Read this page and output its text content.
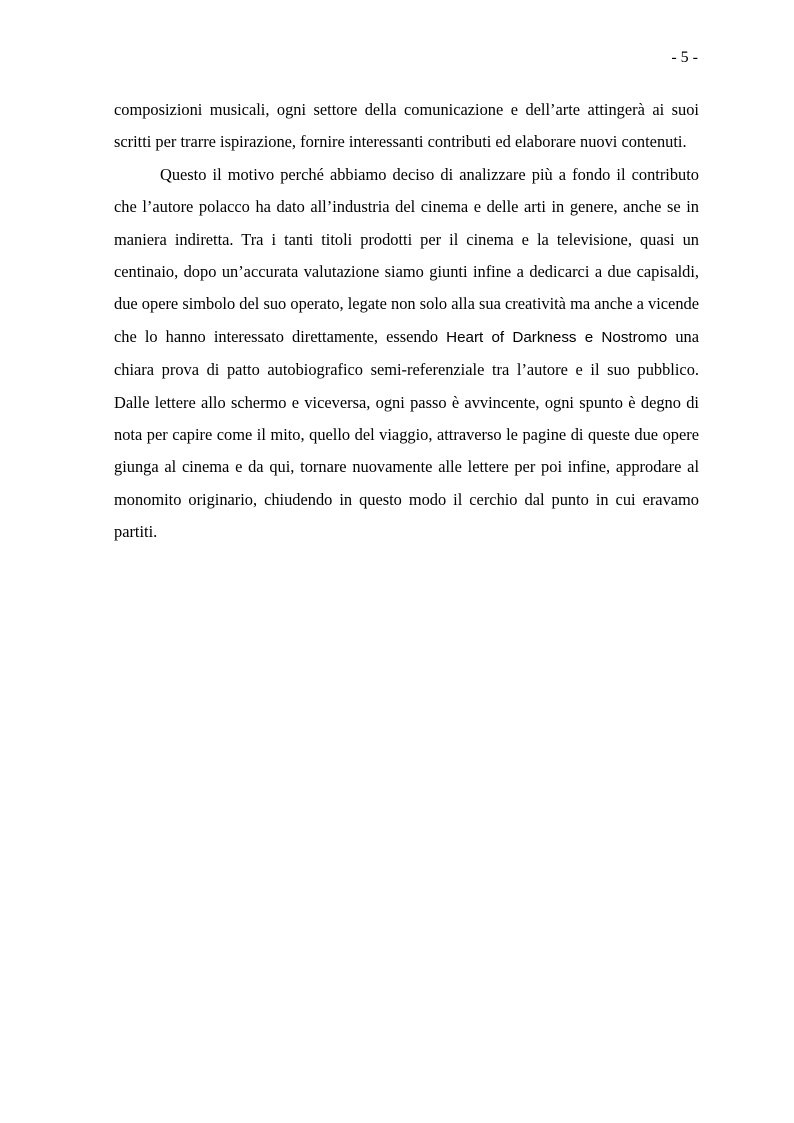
- 5 -

composizioni musicali, ogni settore della comunicazione e dell’arte attingerà ai suoi scritti per trarre ispirazione, fornire interessanti contributi ed elaborare nuovi contenuti.

Questo il motivo perché abbiamo deciso di analizzare più a fondo il contributo che l’autore polacco ha dato all’industria del cinema e delle arti in genere, anche se in maniera indiretta. Tra i tanti titoli prodotti per il cinema e la televisione, quasi un centinaio, dopo un’accurata valutazione siamo giunti infine a dedicarci a due capisaldi, due opere simbolo del suo operato, legate non solo alla sua creatività ma anche a vicende che lo hanno interessato direttamente, essendo Heart of Darkness e Nostromo una chiara prova di patto autobiografico semi-referenziale tra l’autore e il suo pubblico. Dalle lettere allo schermo e viceversa, ogni passo è avvincente, ogni spunto è degno di nota per capire come il mito, quello del viaggio, attraverso le pagine di queste due opere giunga al cinema e da qui, tornare nuovamente alle lettere per poi infine, approdare al monomito originario, chiudendo in questo modo il cerchio dal punto in cui eravamo partiti.
